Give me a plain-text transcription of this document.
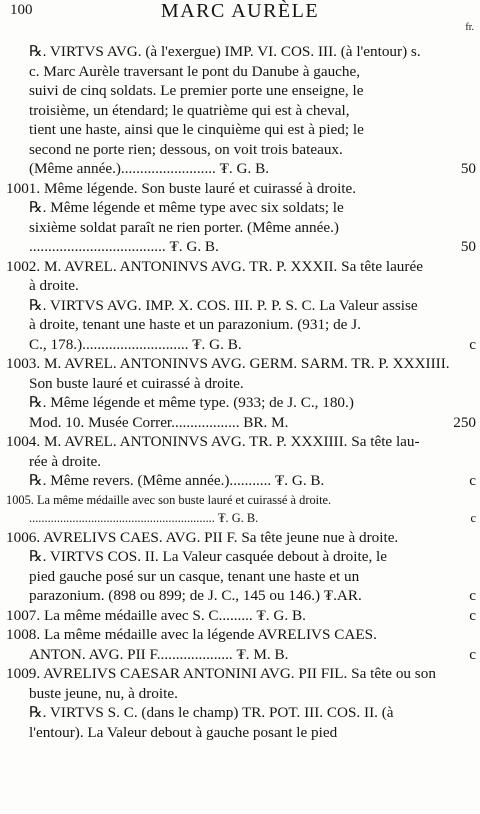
100	MARC AURÈLE
fr.
℞. VIRTVS AVG. (à l'exergue) IMP. VI. COS. III. (à l'entour) s.
c. Marc Aurèle traversant le pont du Danube à gauche,
suivi de cinq soldats. Le premier porte une enseigne, le
troisième, un étendard; le quatrième qui est à cheval,
tient une haste, ainsi que le cinquième qui est à pied; le
second ne porte rien; dessous, on voit trois bateaux.
(Même année.)......................... ₮. G. B.	50
1001. Même légende. Son buste lauré et cuirassé à droite.
℞. Même légende et même type avec six soldats; le
sixième soldat paraît ne rien porter. (Même année.)
.................................... ₮. G. B.	50
1002. M. AVREL. ANTONINVS AVG. TR. P. XXXII. Sa tête laurée
à droite.
℞. VIRTVS AVG. IMP. X. COS. III. P. P. S. C. La Valeur assise
à droite, tenant une haste et un parazonium. (931; de J.
C., 178.)............................ ₮. G. B.	c
1003. M. AVREL. ANTONINVS AVG. GERM. SARM. TR. P. XXXIIII.
Son buste lauré et cuirassé à droite.
℞. Même légende et même type. (933; de J. C., 180.)
Mod. 10. Musée Correr.................. BR. M.	250
1004. M. AVREL. ANTONINVS AVG. TR. P. XXXIIII. Sa tête lau-
rée à droite.
℞. Même revers. (Même année.)........... ₮. G. B.	c
1005. La même médaille avec son buste lauré et cuirassé à droite.
............................................................ ₮. G. B.	c
1006. AVRELIVS CAES. AVG. PII F. Sa tête jeune nue à droite.
℞. VIRTVS COS. II. La Valeur casquée debout à droite, le
pied gauche posé sur un casque, tenant une haste et un
parazonium. (898 ou 899; de J. C., 145 ou 146.) ₮.AR.	c
1007. La même médaille avec S. C......... ₮. G. B.	c
1008. La même médaille avec la légende AVRELIVS CAES.
ANTON. AVG. PII F.................... ₮. M. B.	c
1009. AVRELIVS CAESAR ANTONINI AVG. PII FIL. Sa tête ou son
buste jeune, nu, à droite.
℞. VIRTVS S. C. (dans le champ) TR. POT. III. COS. II. (à
l'entour). La Valeur debout à gauche posant le pied
